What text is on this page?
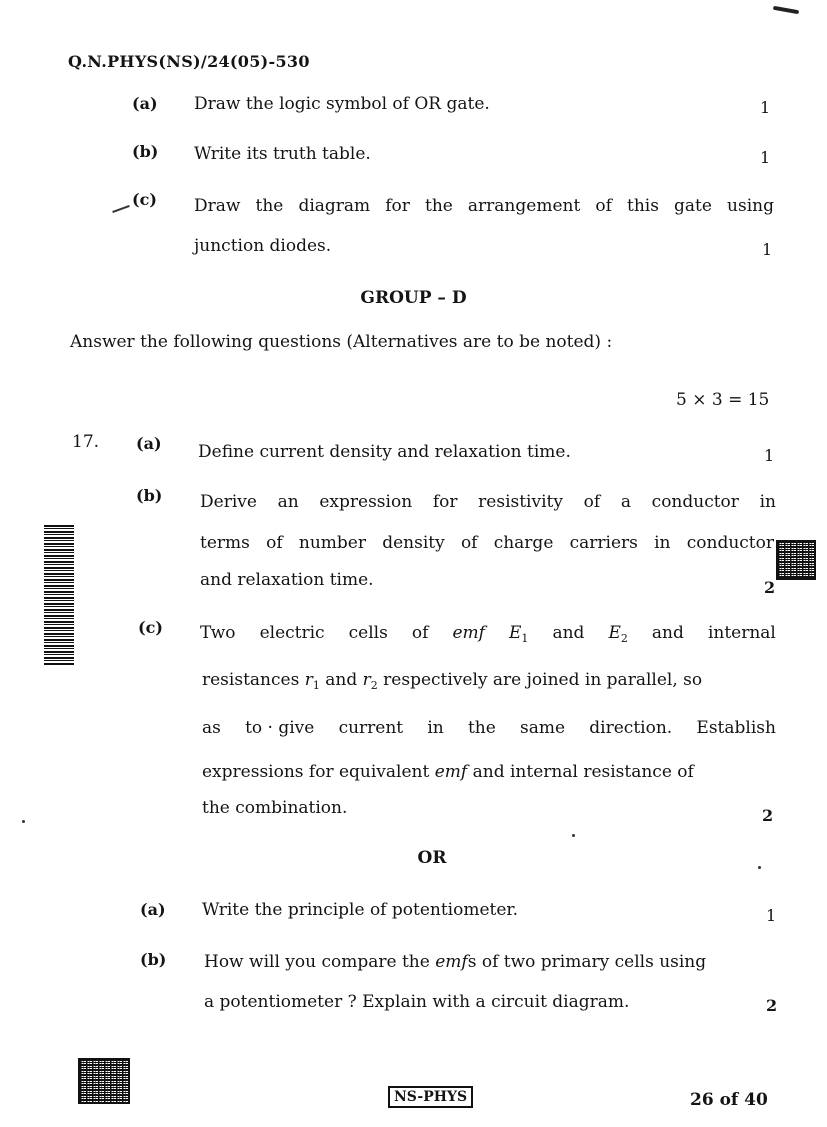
Q.N.PHYS(NS)/24(05)-530
(a) Draw the logic symbol of OR gate.	1
(b) Write its truth table.	1
(c) Draw the diagram for the arrangement of this gate using
junction diodes.	1
GROUP – D
Answer the following questions (Alternatives are to be noted) :
5 × 3 = 15
17. (a) Define current density and relaxation time.	1
(b) Derive an expression for resistivity of a conductor in
terms of number density of charge carriers in conductor
and relaxation time.	2
(c) Two electric cells of emf $E_1$ and $E_2$ and internal
resistances $r_1$ and $r_2$ respectively are joined in parallel, so
as to · give current in the same direction. Establish
expressions for equivalent emf and internal resistance of
the combination.	2
OR
(a) Write the principle of potentiometer.	1
(b) How will you compare the emfs of two primary cells using
a potentiometer ? Explain with a circuit diagram.	2
NS-PHYS	26 of 40
